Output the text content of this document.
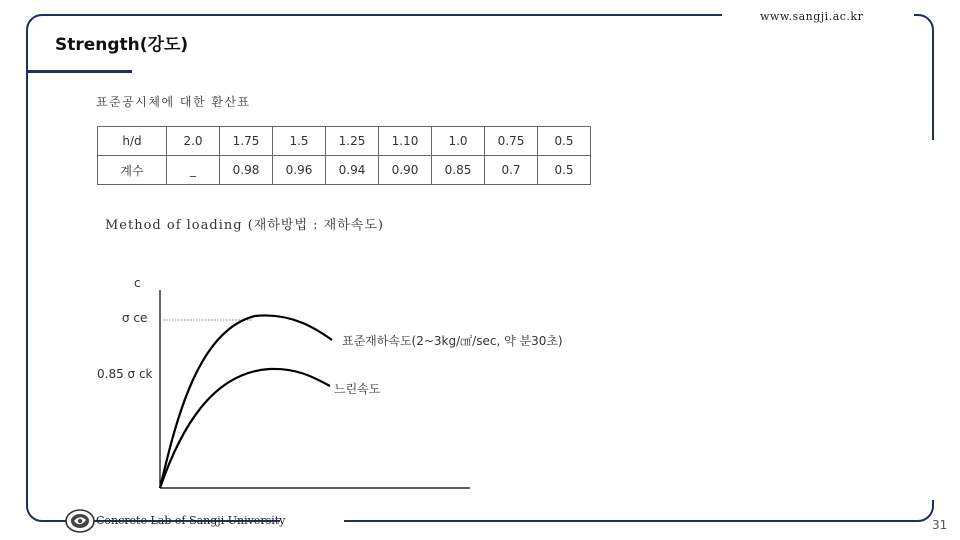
www.sangji.ac.kr
Strength(강도)
표준공시체에 대한 환산표
h/d	2.0	1.75	1.5	1.25	1.10	1.0	0.75	0.5
계수	_	0.98	0.96	0.94	0.90	0.85	0.7	0.5
Method of loading (재하방법 : 재하속도)
c
σ ce
0.85 σ ck
표준재하속도(2~3kg/㎠/sec, 약 분30초)
느린속도
Concrete Lab of Sangji University	31
